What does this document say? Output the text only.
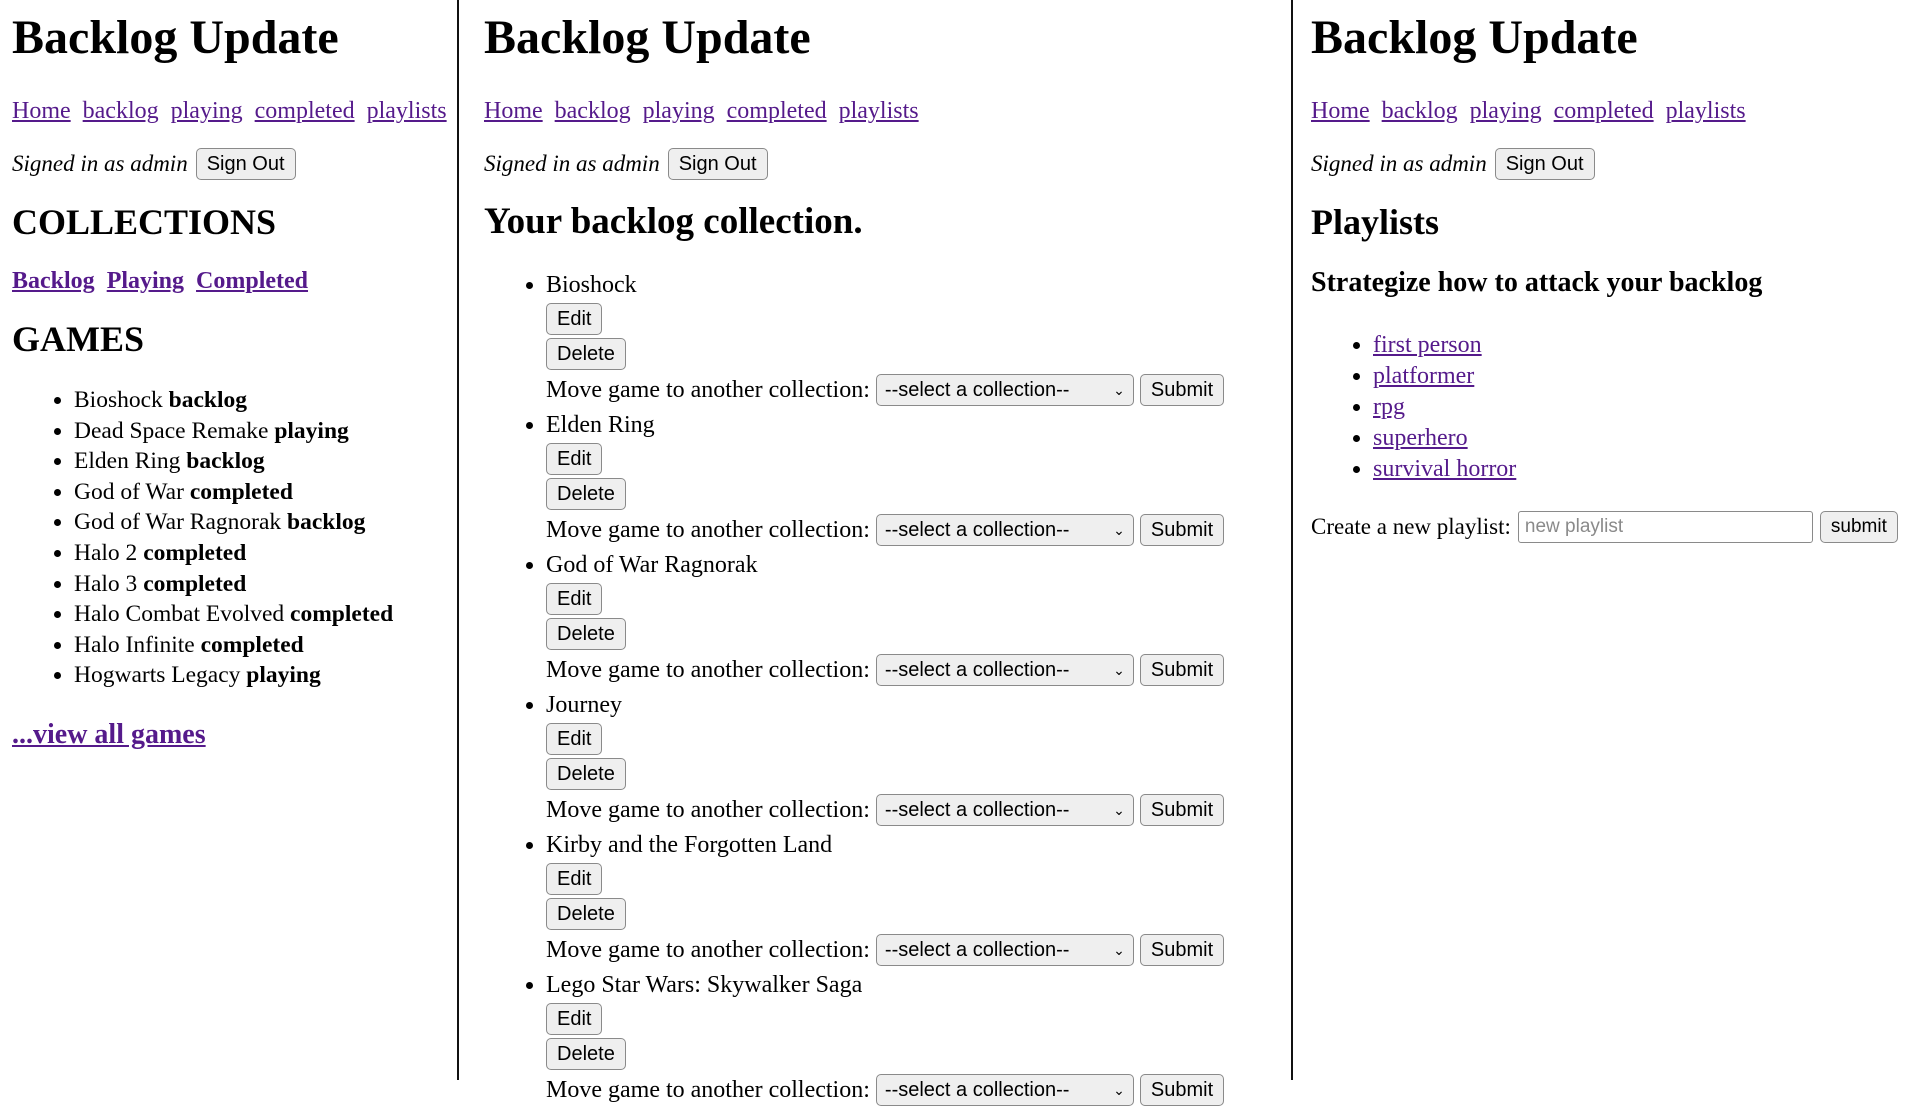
Backlog Update
Home backlog playing completed playlists
Signed in as admin Sign Out
COLLECTIONS
Backlog Playing Completed
GAMES
• Bioshock backlog
• Dead Space Remake playing
• Elden Ring backlog
• God of War completed
• God of War Ragnorak backlog
• Halo 2 completed
• Halo 3 completed
• Halo Combat Evolved completed
• Halo Infinite completed
• Hogwarts Legacy playing
...view all games
Backlog Update
Home backlog playing completed playlists
Signed in as admin Sign Out
Your backlog collection.
• Bioshock
Edit
Delete
Move game to another collection: --select a collection--	⌄	Submit
• Elden Ring
Edit
Delete
Move game to another collection: --select a collection--	⌄	Submit
• God of War Ragnorak
Edit
Delete
Move game to another collection: --select a collection--	⌄	Submit
• Journey
Edit
Delete
Move game to another collection: --select a collection--	⌄	Submit
• Kirby and the Forgotten Land
Edit
Delete
Move game to another collection: --select a collection--	⌄	Submit
• Lego Star Wars: Skywalker Saga
Edit
Delete
Move game to another collection: --select a collection--	⌄	Submit
Backlog Update
Home backlog playing completed playlists
Signed in as admin Sign Out
Playlists
Strategize how to attack your backlog
• first person
• platformer
• rpg
• superhero
• survival horror
Create a new playlist:
new playlist	submit
